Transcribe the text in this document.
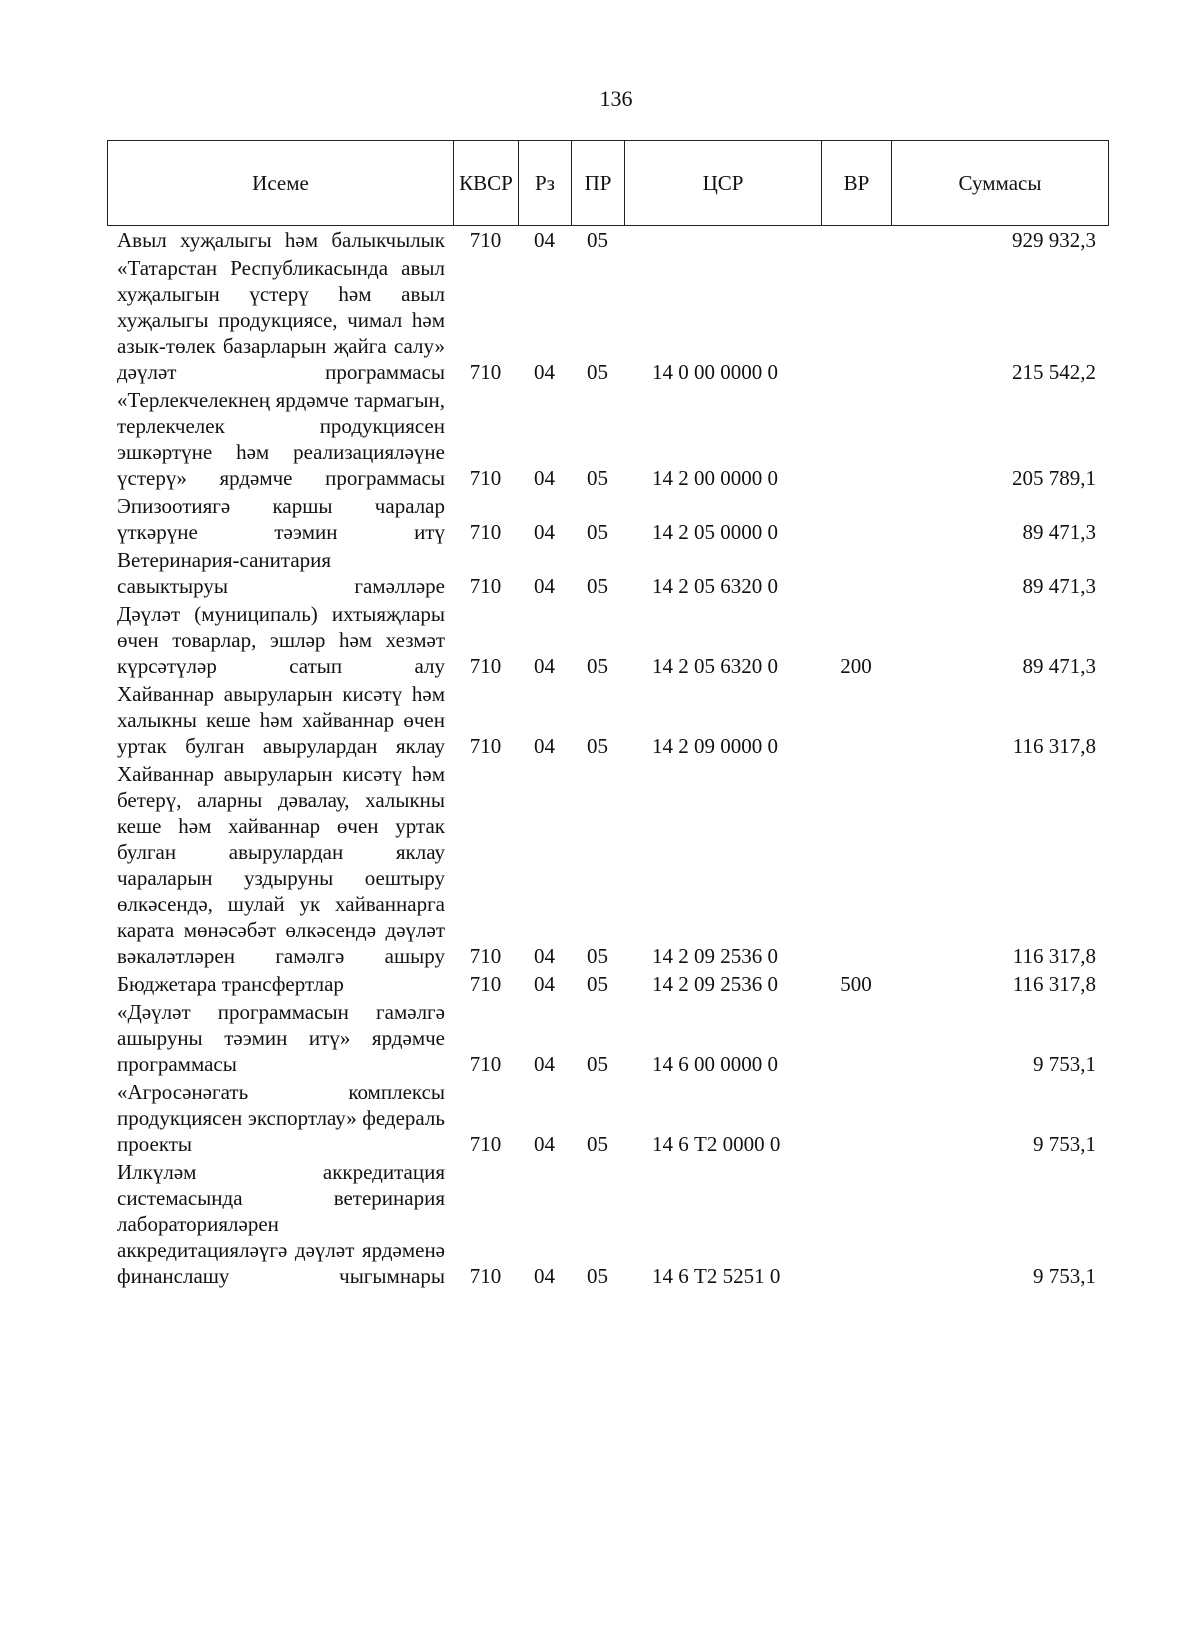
136
Исеме	КВСР	Рз	ПР	ЦСР	ВР	Суммасы
Авыл хуҗалыгы һәм балыкчылык	710	04	05			929 932,3
«Татарстан Республикасында авыл хуҗалыгын үстерү һәм авыл хуҗалыгы продукциясе, чимал һәм азык-төлек базарларын җайга салу» дәүләт программасы	710	04	05	14 0 00 0000 0		215 542,2
«Терлекчелекнең ярдәмче тармагын, терлекчелек продукциясен эшкәртүне һәм реализацияләүне үстерү» ярдәмче программасы	710	04	05	14 2 00 0000 0		205 789,1
Эпизоотиягә каршы чаралар үткәрүне тәэмин итү	710	04	05	14 2 05 0000 0		89 471,3
Ветеринария-санитария савыктыруы гамәлләре	710	04	05	14 2 05 6320 0		89 471,3
Дәүләт (муниципаль) ихтыяҗлары өчен товарлар, эшләр һәм хезмәт күрсәтүләр сатып алу	710	04	05	14 2 05 6320 0	200	89 471,3
Хайваннар авыруларын кисәтү һәм халыкны кеше һәм хайваннар өчен уртак булган авырулардан яклау	710	04	05	14 2 09 0000 0		116 317,8
Хайваннар авыруларын кисәтү һәм бетерү, аларны дәвалау, халыкны кеше һәм хайваннар өчен уртак булган авырулардан яклау чараларын уздыруны оештыру өлкәсендә, шулай ук хайваннарга карата мөнәсәбәт өлкәсендә дәүләт вәкаләтләрен гамәлгә ашыру	710	04	05	14 2 09 2536 0		116 317,8
Бюджетара трансфертлар	710	04	05	14 2 09 2536 0	500	116 317,8
«Дәүләт программасын гамәлгә ашыруны тәэмин итү» ярдәмче программасы	710	04	05	14 6 00 0000 0		9 753,1
«Агросәнәгать комплексы продукциясен экспортлау» федераль проекты	710	04	05	14 6 Т2 0000 0		9 753,1
Илкүләм аккредитация системасында ветеринария лабораторияләрен аккредитацияләүгә дәүләт ярдәменә финанслашу чыгымнары	710	04	05	14 6 Т2 5251 0		9 753,1
